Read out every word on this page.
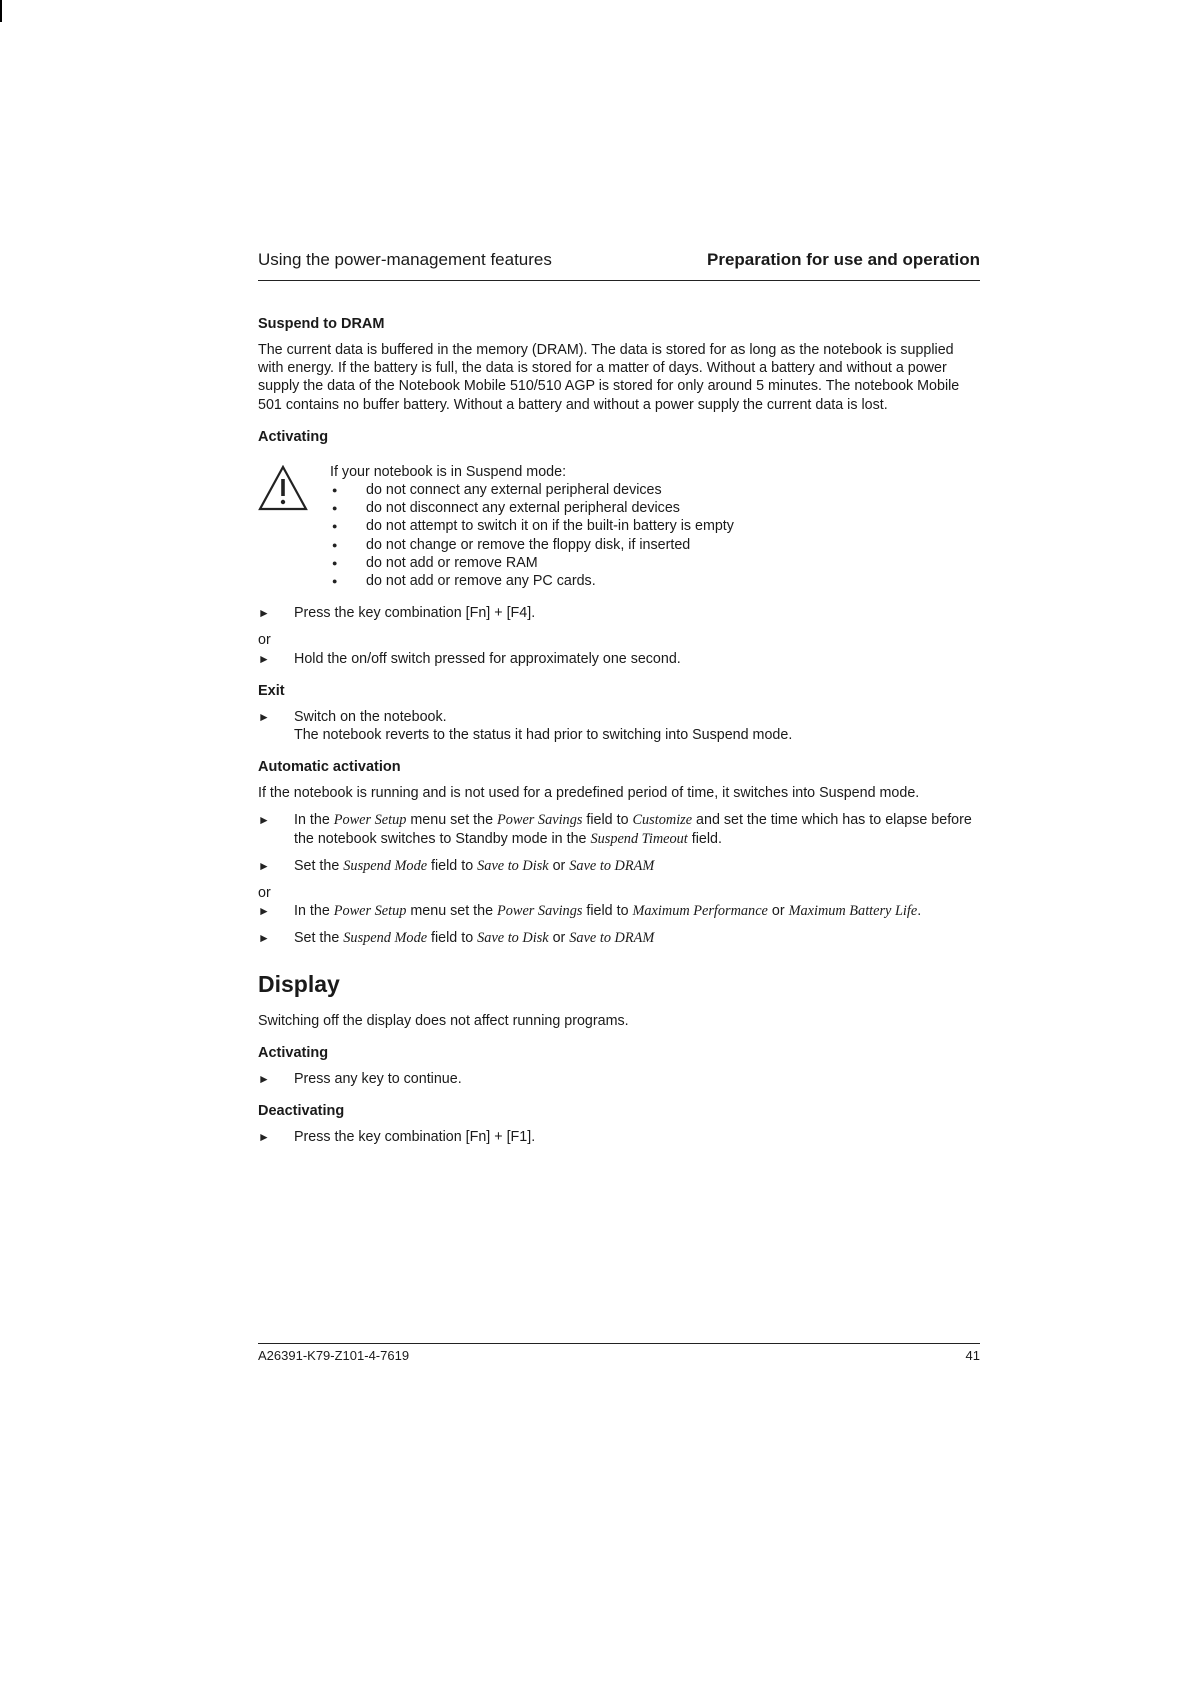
Using the power-management features	Preparation for use and operation
Suspend to DRAM

The current data is buffered in the memory (DRAM). The data is stored for as long as the notebook is supplied with energy. If the battery is full, the data is stored for a matter of days. Without a battery and without a power supply the data of the Notebook Mobile 510/510 AGP is stored for only around 5 minutes. The notebook Mobile 501 contains no buffer battery. Without a battery and without a power supply the current data is lost.

Activating

If your notebook is in Suspend mode:

● do not connect any external peripheral devices
● do not disconnect any external peripheral devices
● do not attempt to switch it on if the built-in battery is empty
● do not change or remove the floppy disk, if inserted
● do not add or remove RAM
● do not add or remove any PC cards.
► Press the key combination [Fn] + [F4].

or

► Hold the on/off switch pressed for approximately one second.
Exit
► Switch on the notebook.
The notebook reverts to the status it had prior to switching into Suspend mode.
Automatic activation

If the notebook is running and is not used for a predefined period of time, it switches into Suspend mode.

► In the Power Setup menu set the Power Savings field to Customize and set the time which has to elapse before the notebook switches to Standby mode in the Suspend Timeout field.
► Set the Suspend Mode field to Save to Disk or Save to DRAM

or

► In the Power Setup menu set the Power Savings field to Maximum Performance or Maximum Battery Life.
► Set the Suspend Mode field to Save to Disk or Save to DRAM
Display

Switching off the display does not affect running programs.

Activating
► Press any key to continue.
Deactivating
► Press the key combination [Fn] + [F1].
A26391-K79-Z101-4-7619	41
